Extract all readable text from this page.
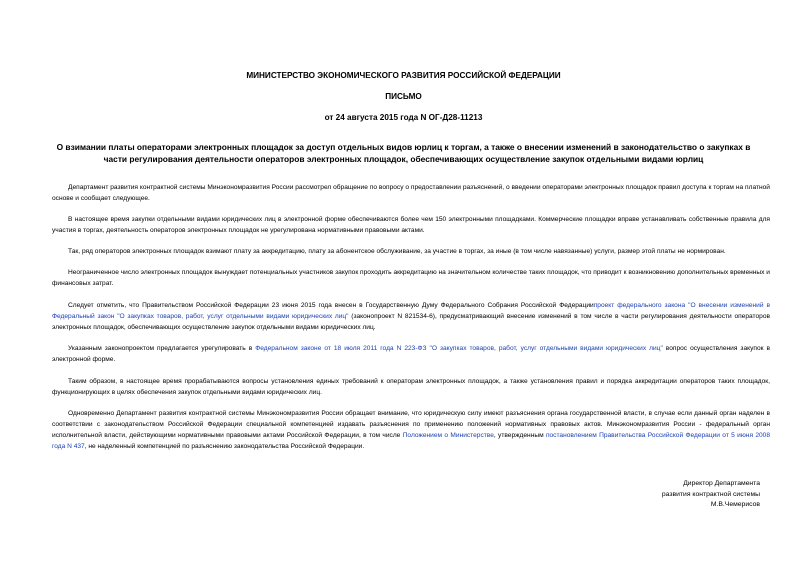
МИНИСТЕРСТВО ЭКОНОМИЧЕСКОГО РАЗВИТИЯ РОССИЙСКОЙ ФЕДЕРАЦИИ
ПИСЬМО
от 24 августа 2015 года N ОГ-Д28-11213
О взимании платы операторами электронных площадок за доступ отдельных видов юрлиц к торгам, а также о внесении изменений в законодательство о закупках в части регулирования деятельности операторов электронных площадок, обеспечивающих осуществление закупок отдельными видами юрлиц

Департамент развития контрактной системы Минэкономразвития России рассмотрел обращение по вопросу о предоставлении разъяснений, о введении операторами электронных площадок правил доступа к торгам на платной основе и сообщает следующее.

В настоящее время закупки отдельными видами юридических лиц в электронной форме обеспечиваются более чем 150 электронными площадками. Коммерческие площадки вправе устанавливать собственные правила для участия в торгах, деятельность операторов электронных площадок не урегулирована нормативными правовыми актами.

Так, ряд операторов электронных площадок взимают плату за аккредитацию, плату за абонентское обслуживание, за участие в торгах, за иные (в том числе навязанные) услуги, размер этой платы не нормирован.

Неограниченное число электронных площадок вынуждает потенциальных участников закупок проходить аккредитацию на значительном количестве таких площадок, что приводит к возникновению дополнительных временных и финансовых затрат.

Следует отметить, что Правительством Российской Федерации 23 июня 2015 года внесен в Государственную Думу Федерального Собрания Российской Федерациипроект федерального закона "О внесении изменений в Федеральный закон "О закупках товаров, работ, услуг отдельными видами юридических лиц" (законопроект N 821534-6), предусматривающий внесение изменений в том числе в части регулирования деятельности операторов электронных площадок, обеспечивающих осуществление закупок отдельными видами юридических лиц.

Указанным законопроектом предлагается урегулировать в Федеральном законе от 18 июля 2011 года N 223-ФЗ "О закупках товаров, работ, услуг отдельными видами юридических лиц" вопрос осуществления закупок в электронной форме.

Таким образом, в настоящее время прорабатываются вопросы установления единых требований к операторам электронных площадок, а также установления правил и порядка аккредитации операторов таких площадок, функционирующих в целях обеспечения закупок отдельными видами юридических лиц.

Одновременно Департамент развития контрактной системы Минэкономразвития России обращает внимание, что юридическую силу имеют разъяснения органа государственной власти, в случае если данный орган наделен в соответствии с законодательством Российской Федерации специальной компетенцией издавать разъяснения по применению положений нормативных правовых актов. Минэкономразвития России - федеральный орган исполнительной власти, действующими нормативными правовыми актами Российской Федерации, в том числе Положением о Министерстве, утвержденным постановлением Правительства Российской Федерации от 5 июня 2008 года N 437, не наделенный компетенцией по разъяснению законодательства Российской Федерации.

Директор Департамента
развития контрактной системы
М.В.Чемерисов
